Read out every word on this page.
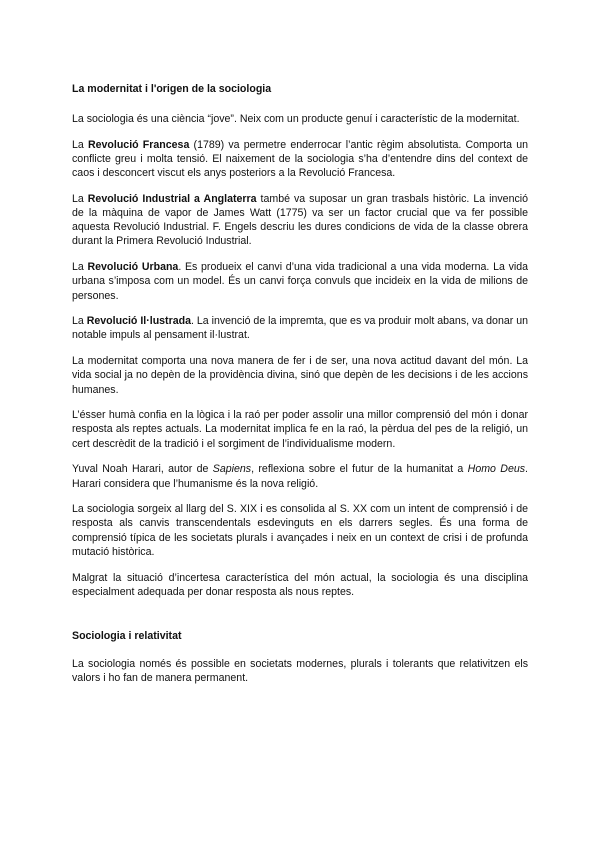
La modernitat i l'origen de la sociologia

La sociologia és una ciència “jove”. Neix com un producte genuí i característic de la modernitat.

La Revolució Francesa (1789) va permetre enderrocar l’antic règim absolutista. Comporta un conflicte greu i molta tensió. El naixement de la sociologia s’ha d’entendre dins del context de caos i desconcert viscut els anys posteriors a la Revolució Francesa.

La Revolució Industrial a Anglaterra també va suposar un gran trasbals històric. La invenció de la màquina de vapor de James Watt (1775) va ser un factor crucial que va fer possible aquesta Revolució Industrial. F. Engels descriu les dures condicions de vida de la classe obrera durant la Primera Revolució Industrial.

La Revolució Urbana. Es produeix el canvi d’una vida tradicional a una vida moderna. La vida urbana s’imposa com un model. És un canvi força convuls que incideix en la vida de milions de persones.

La Revolució Il·lustrada. La invenció de la impremta, que es va produir molt abans, va donar un notable impuls al pensament il·lustrat.

La modernitat comporta una nova manera de fer i de ser, una nova actitud davant del món. La vida social ja no depèn de la providència divina, sinó que depèn de les decisions i de les accions humanes.

L’ésser humà confia en la lògica i la raó per poder assolir una millor comprensió del món i donar resposta als reptes actuals. La modernitat implica fe en la raó, la pèrdua del pes de la religió, un cert descrèdit de la tradició i el sorgiment de l’individualisme modern.

Yuval Noah Harari, autor de Sapiens, reflexiona sobre el futur de la humanitat a Homo Deus. Harari considera que l’humanisme és la nova religió.

La sociologia sorgeix al llarg del S. XIX i es consolida al S. XX com un intent de comprensió i de resposta als canvis transcendentals esdevinguts en els darrers segles. És una forma de comprensió típica de les societats plurals i avançades i neix en un context de crisi i de profunda mutació històrica.

Malgrat la situació d’incertesa característica del món actual, la sociologia és una disciplina especialment adequada per donar resposta als nous reptes.

Sociologia i relativitat

La sociologia només és possible en societats modernes, plurals i tolerants que relativitzen els valors i ho fan de manera permanent.
